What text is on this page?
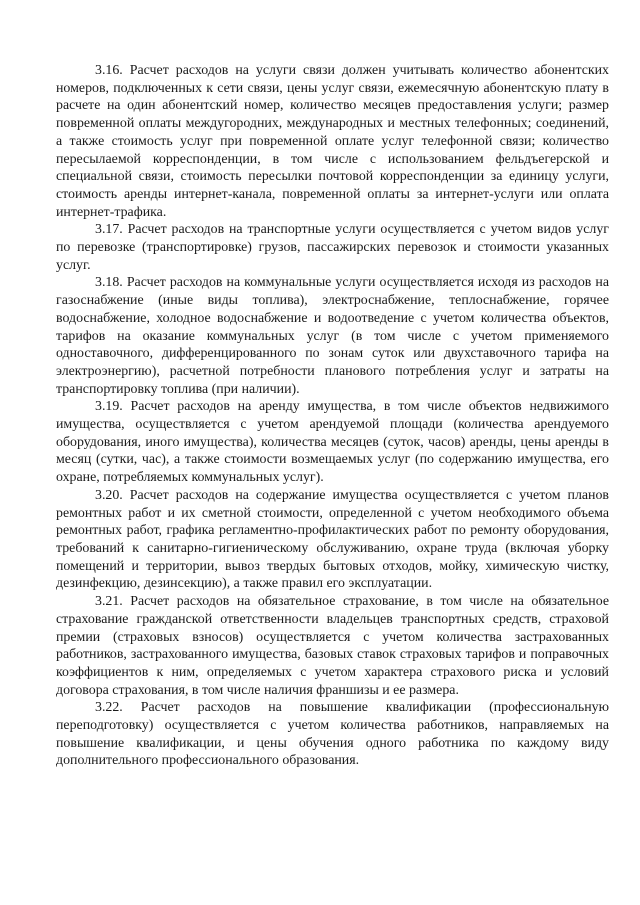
3.16. Расчет расходов на услуги связи должен учитывать количество абонентских номеров, подключенных к сети связи, цены услуг связи, ежемесячную абонентскую плату в расчете на один абонентский номер, количество месяцев предоставления услуги; размер повременной оплаты междугородних, международных и местных телефонных; соединений, а также стоимость услуг при повременной оплате услуг телефонной связи; количество пересылаемой корреспонденции, в том числе с использованием фельдъегерской и специальной связи, стоимость пересылки почтовой корреспонденции за единицу услуги, стоимость аренды интернет-канала, повременной оплаты за интернет-услуги или оплата интернет-трафика.

3.17. Расчет расходов на транспортные услуги осуществляется с учетом видов услуг по перевозке (транспортировке) грузов, пассажирских перевозок и стоимости указанных услуг.

3.18. Расчет расходов на коммунальные услуги осуществляется исходя из расходов на газоснабжение (иные виды топлива), электроснабжение, теплоснабжение, горячее водоснабжение, холодное водоснабжение и водоотведение с учетом количества объектов, тарифов на оказание коммунальных услуг (в том числе с учетом применяемого одноставочного, дифференцированного по зонам суток или двухставочного тарифа на электроэнергию), расчетной потребности планового потребления услуг и затраты на транспортировку топлива (при наличии).

3.19. Расчет расходов на аренду имущества, в том числе объектов недвижимого имущества, осуществляется с учетом арендуемой площади (количества арендуемого оборудования, иного имущества), количества месяцев (суток, часов) аренды, цены аренды в месяц (сутки, час), а также стоимости возмещаемых услуг (по содержанию имущества, его охране, потребляемых коммунальных услуг).

3.20. Расчет расходов на содержание имущества осуществляется с учетом планов ремонтных работ и их сметной стоимости, определенной с учетом необходимого объема ремонтных работ, графика регламентно-профилактических работ по ремонту оборудования, требований к санитарно-гигиеническому обслуживанию, охране труда (включая уборку помещений и территории, вывоз твердых бытовых отходов, мойку, химическую чистку, дезинфекцию, дезинсекцию), а также правил его эксплуатации.

3.21. Расчет расходов на обязательное страхование, в том числе на обязательное страхование гражданской ответственности владельцев транспортных средств, страховой премии (страховых взносов) осуществляется с учетом количества застрахованных работников, застрахованного имущества, базовых ставок страховых тарифов и поправочных коэффициентов к ним, определяемых с учетом характера страхового риска и условий договора страхования, в том числе наличия франшизы и ее размера.

3.22. Расчет расходов на повышение квалификации (профессиональную переподготовку) осуществляется с учетом количества работников, направляемых на повышение квалификации, и цены обучения одного работника по каждому виду дополнительного профессионального образования.
